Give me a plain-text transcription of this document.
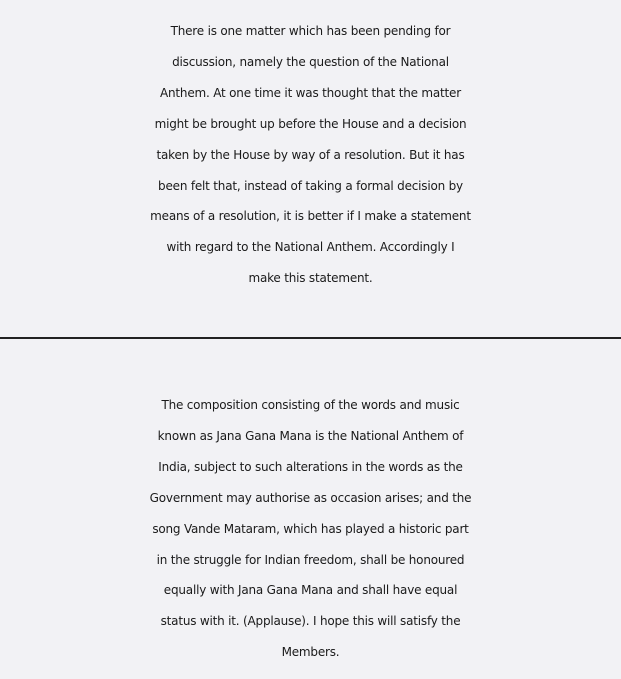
There is one matter which has been pending for
discussion, namely the question of the National
Anthem. At one time it was thought that the matter
might be brought up before the House and a decision
taken by the House by way of a resolution. But it has
been felt that, instead of taking a formal decision by
means of a resolution, it is better if I make a statement
with regard to the National Anthem. Accordingly I
make this statement.
The composition consisting of the words and music
known as Jana Gana Mana is the National Anthem of
India, subject to such alterations in the words as the
Government may authorise as occasion arises; and the
song Vande Mataram, which has played a historic part
in the struggle for Indian freedom, shall be honoured
equally with Jana Gana Mana and shall have equal
status with it. (Applause). I hope this will satisfy the
Members.
